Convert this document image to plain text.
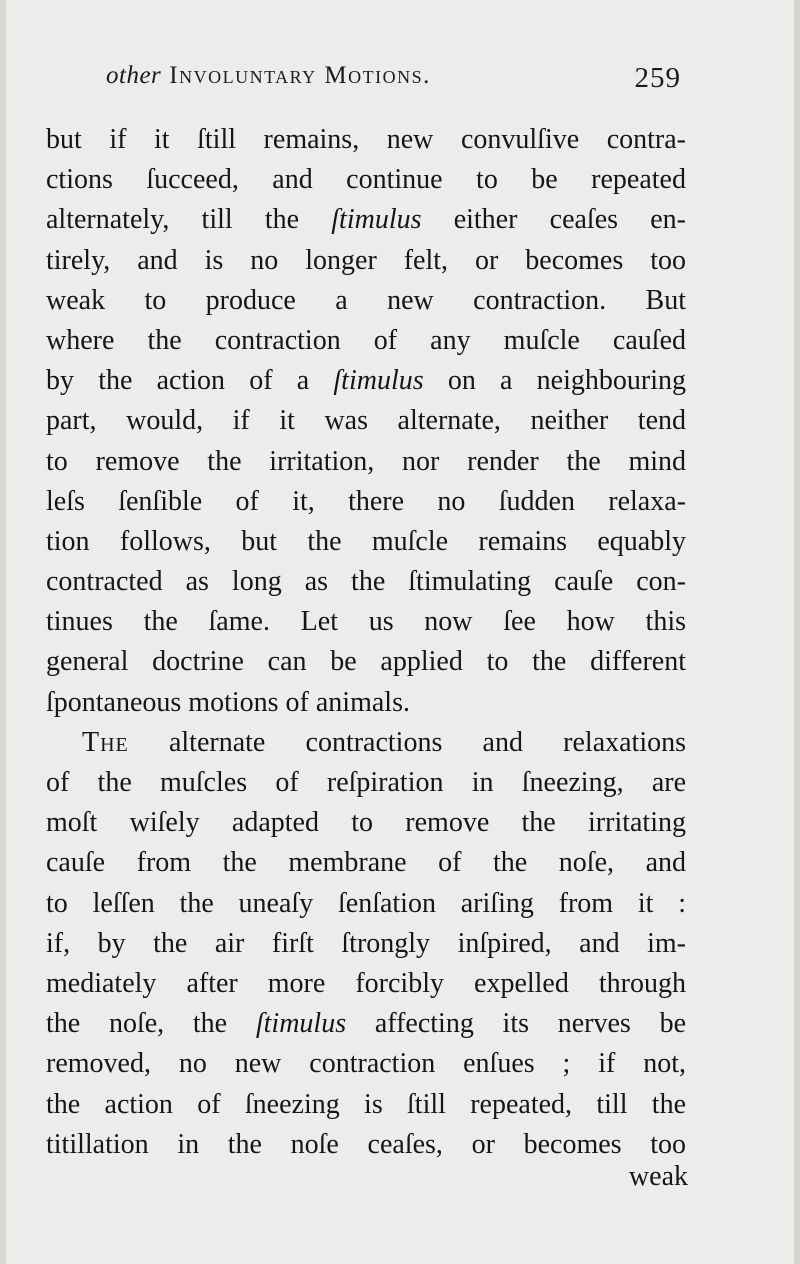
other Involuntary Motions.	259
but if it ſtill remains, new convulſive contra-
ctions ſucceed, and continue to be repeated
alternately, till the ſtimulus either ceaſes en-
tirely, and is no longer felt, or becomes too
weak to produce a new contraction. But
where the contraction of any muſcle cauſed
by the action of a ſtimulus on a neighbouring
part, would, if it was alternate, neither tend
to remove the irritation, nor render the mind
leſs ſenſible of it, there no ſudden relaxa-
tion follows, but the muſcle remains equably
contracted as long as the ſtimulating cauſe con-
tinues the ſame. Let us now ſee how this
general doctrine can be applied to the different
ſpontaneous motions of animals.
The alternate contractions and relaxations
of the muſcles of reſpiration in ſneezing, are
moſt wiſely adapted to remove the irritating
cauſe from the membrane of the noſe, and
to leſſen the uneaſy ſenſation ariſing from it :
if, by the air firſt ſtrongly inſpired, and im-
mediately after more forcibly expelled through
the noſe, the ſtimulus affecting its nerves be
removed, no new contraction enſues ; if not,
the action of ſneezing is ſtill repeated, till the
titillation in the noſe ceaſes, or becomes too
weak
